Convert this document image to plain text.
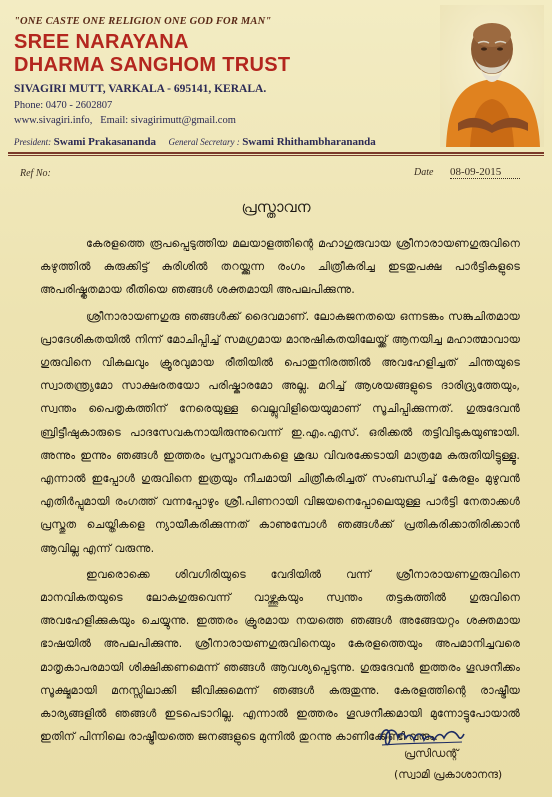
"ONE CASTE ONE RELIGION ONE GOD FOR MAN"
SREE NARAYANA
DHARMA SANGHOM TRUST
SIVAGIRI MUTT, VARKALA - 695141, KERALA.
Phone: 0470 - 2602807
www.sivagiri.info, Email: sivagirimutt@gmail.com
President: Swami Prakasananda General Secretary : Swami Rhithambharananda
Ref No:	Date 08-09-2015
പ്രസ്താവന

കേരളത്തെ രൂപപ്പെടുത്തിയ മലയാളത്തിന്റെ മഹാഗുരുവായ ശ്രീനാരായണഗുരുവിനെ കഴുത്തിൽ കുരുക്കിട്ട് കുരിശിൽ തറയ്ക്കുന്ന രംഗം ചിത്രീകരിച്ച ഇടതുപക്ഷ പാർട്ടികളുടെ അപരിഷ്കൃതമായ രീതിയെ ഞങ്ങൾ ശക്തമായി അപലപിക്കുന്നു.

ശ്രീനാരായണഗുരു ഞങ്ങൾക്ക് ദൈവമാണ്. ലോകജനതയെ ഒന്നടങ്കം സങ്കുചിതമായ പ്രാദേശികതയിൽ നിന്ന് മോചിപ്പിച്ച് സമഗ്രമായ മാനുഷികതയിലേയ്ക്ക് ആനയിച്ച മഹാത്മാവായ ഗുരുവിനെ വികലവും ക്രൂരവുമായ രീതിയിൽ പൊതുനിരത്തിൽ അവഹേളിച്ചത് ചിന്തയുടെ സ്വാതന്ത്ര്യമോ സാക്ഷരതയോ പരിഷ്കാരമോ അല്ല. മറിച്ച് ആശയങ്ങളുടെ ദാരിദ്ര്യത്തേയും, സ്വന്തം പൈതൃകത്തിന് നേരെയുള്ള വെല്ലുവിളിയെയുമാണ് സൂചിപ്പിക്കുന്നത്. ഗുരുദേവൻ ബ്രിട്ടീഷുകാരുടെ പാദസേവകനായിരുന്നുവെന്ന് ഇ.എം.എസ്. ഒരിക്കൽ തട്ടിവിടുകയുണ്ടായി. അന്നും ഇന്നും ഞങ്ങൾ ഇത്തരം പ്രസ്താവനകളെ ശുദ്ധ വിവരക്കേടായി മാത്രമേ കരുതിയിട്ടുള്ളൂ. എന്നാൽ ഇപ്പോൾ ഗുരുവിനെ ഇത്രയും നീചമായി ചിത്രീകരിച്ചത് സംബന്ധിച്ച് കേരളം മുഴുവൻ എതിർപ്പുമായി രംഗത്ത് വന്നപ്പോഴും ശ്രീ.പിണറായി വിജയനെപ്പോലെയുള്ള പാർട്ടി നേതാക്കൾ പ്രസ്തുത ചെയ്തികളെ ന്യായീകരിക്കുന്നത് കാണുമ്പോൾ ഞങ്ങൾക്ക് പ്രതികരിക്കാതിരിക്കാൻ ആവില്ല എന്ന് വരുന്നു.

ഇവരൊക്കെ ശിവഗിരിയുടെ വേദിയിൽ വന്ന് ശ്രീനാരായണഗുരുവിനെ മാനവികതയുടെ ലോകഗുരുവെന്ന് വാഴ്ത്തുകയും സ്വന്തം തട്ടകത്തിൽ ഗുരുവിനെ അവഹേളിക്കുകയും ചെയ്യുന്നു. ഇത്തരം ക്രൂരമായ നയത്തെ ഞങ്ങൾ അങ്ങേയറ്റം ശക്തമായ ഭാഷയിൽ അപലപിക്കുന്നു. ശ്രീനാരായണഗുരുവിനെയും കേരളത്തെയും അപമാനിച്ചവരെ മാതൃകാപരമായി ശിക്ഷിക്കണമെന്ന് ഞങ്ങൾ ആവശ്യപ്പെടുന്നു. ഗുരുദേവൻ ഇത്തരം ഗൂഢനീക്കം സൂക്ഷ്മമായി മനസ്സിലാക്കി ജീവിക്കുമെന്ന് ഞങ്ങൾ കരുതുന്നു. കേരളത്തിന്റെ രാഷ്ട്രീയ കാര്യങ്ങളിൽ ഞങ്ങൾ ഇടപെടാറില്ല. എന്നാൽ ഇത്തരം ഗൂഢനീക്കമായി മുന്നോട്ടുപോയാൽ ഇതിന് പിന്നിലെ രാഷ്ട്രീയത്തെ ജനങ്ങളുടെ മുന്നിൽ തുറന്നു കാണിക്കേണ്ടി വരും.

പ്രസിഡന്റ്
(സ്വാമി പ്രകാശാനന്ദ)
